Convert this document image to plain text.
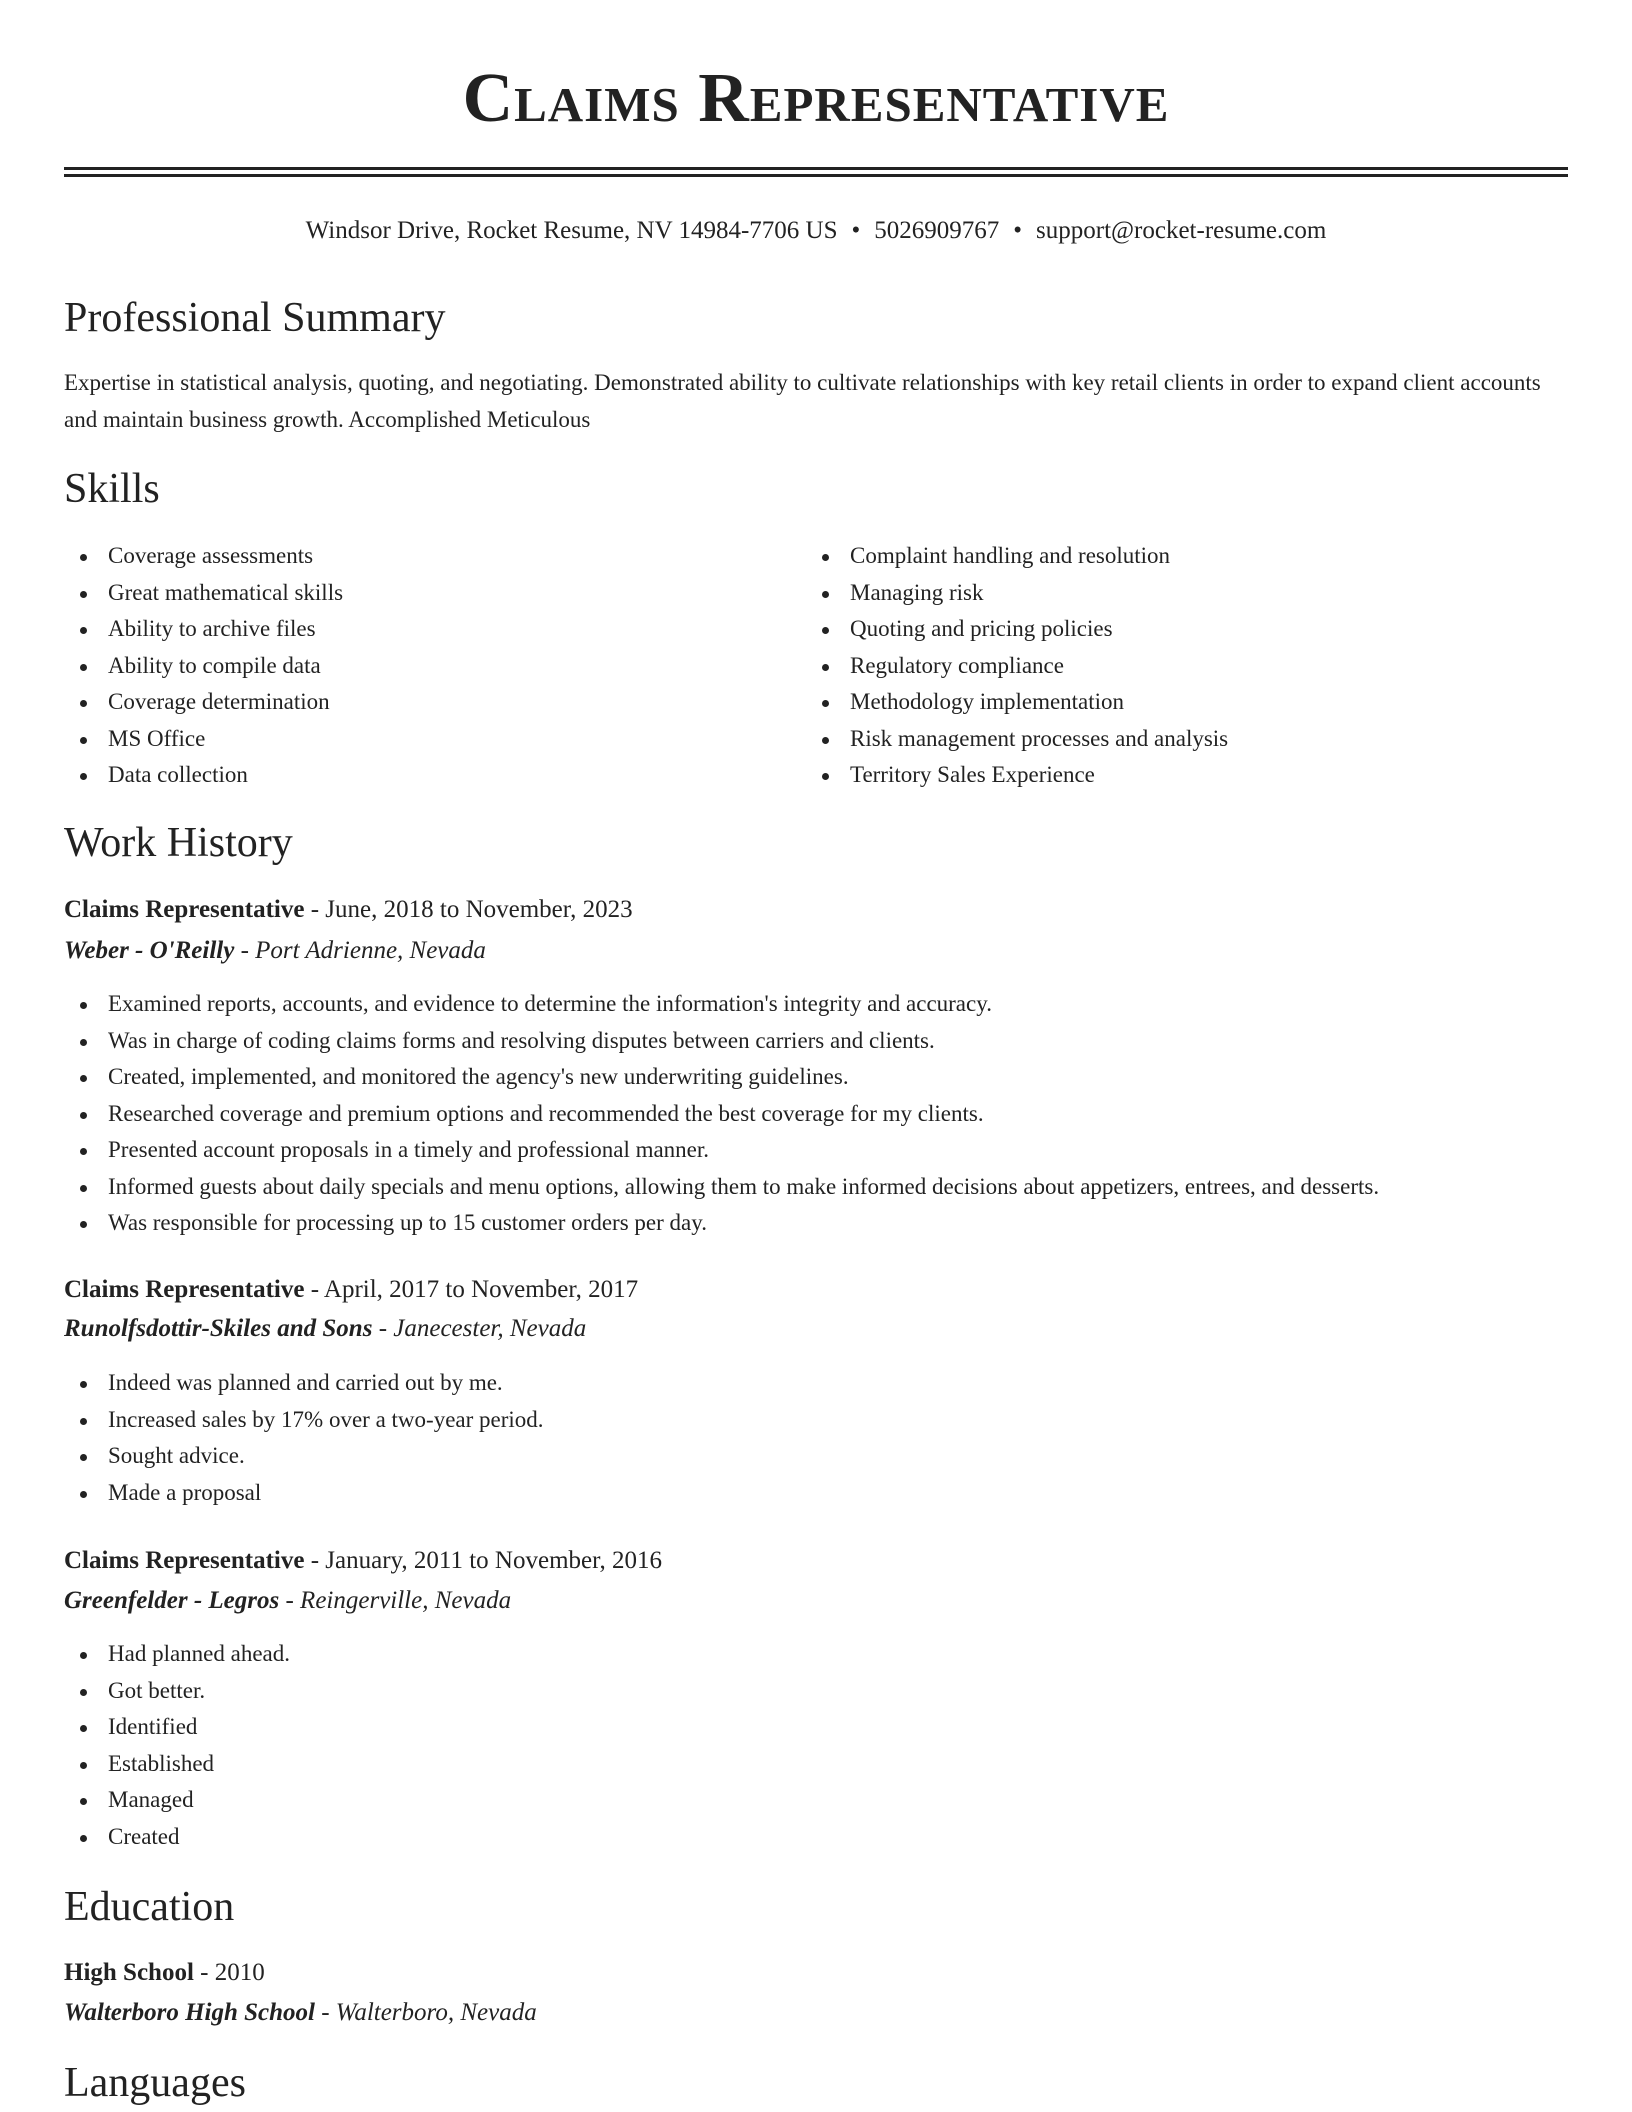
Claims Representative
Windsor Drive, Rocket Resume, NV 14984-7706 US • 5026909767 • support@rocket-resume.com
Professional Summary

Expertise in statistical analysis, quoting, and negotiating. Demonstrated ability to cultivate relationships with key retail clients in order to expand client accounts and maintain business growth. Accomplished Meticulous

Skills
Coverage assessments
Great mathematical skills
Ability to archive files
Ability to compile data
Coverage determination
MS Office
Data collection
Complaint handling and resolution
Managing risk
Quoting and pricing policies
Regulatory compliance
Methodology implementation
Risk management processes and analysis
Territory Sales Experience
Work History
Claims Representative - June, 2018 to November, 2023
Weber - O'Reilly - Port Adrienne, Nevada
Examined reports, accounts, and evidence to determine the information's integrity and accuracy.
Was in charge of coding claims forms and resolving disputes between carriers and clients.
Created, implemented, and monitored the agency's new underwriting guidelines.
Researched coverage and premium options and recommended the best coverage for my clients.
Presented account proposals in a timely and professional manner.
Informed guests about daily specials and menu options, allowing them to make informed decisions about appetizers, entrees, and desserts.
Was responsible for processing up to 15 customer orders per day.
Claims Representative - April, 2017 to November, 2017
Runolfsdottir-Skiles and Sons - Janecester, Nevada
Indeed was planned and carried out by me.
Increased sales by 17% over a two-year period.
Sought advice.
Made a proposal
Claims Representative - January, 2011 to November, 2016
Greenfelder - Legros - Reingerville, Nevada
Had planned ahead.
Got better.
Identified
Established
Managed
Created
Education
High School - 2010
Walterboro High School - Walterboro, Nevada
Languages
